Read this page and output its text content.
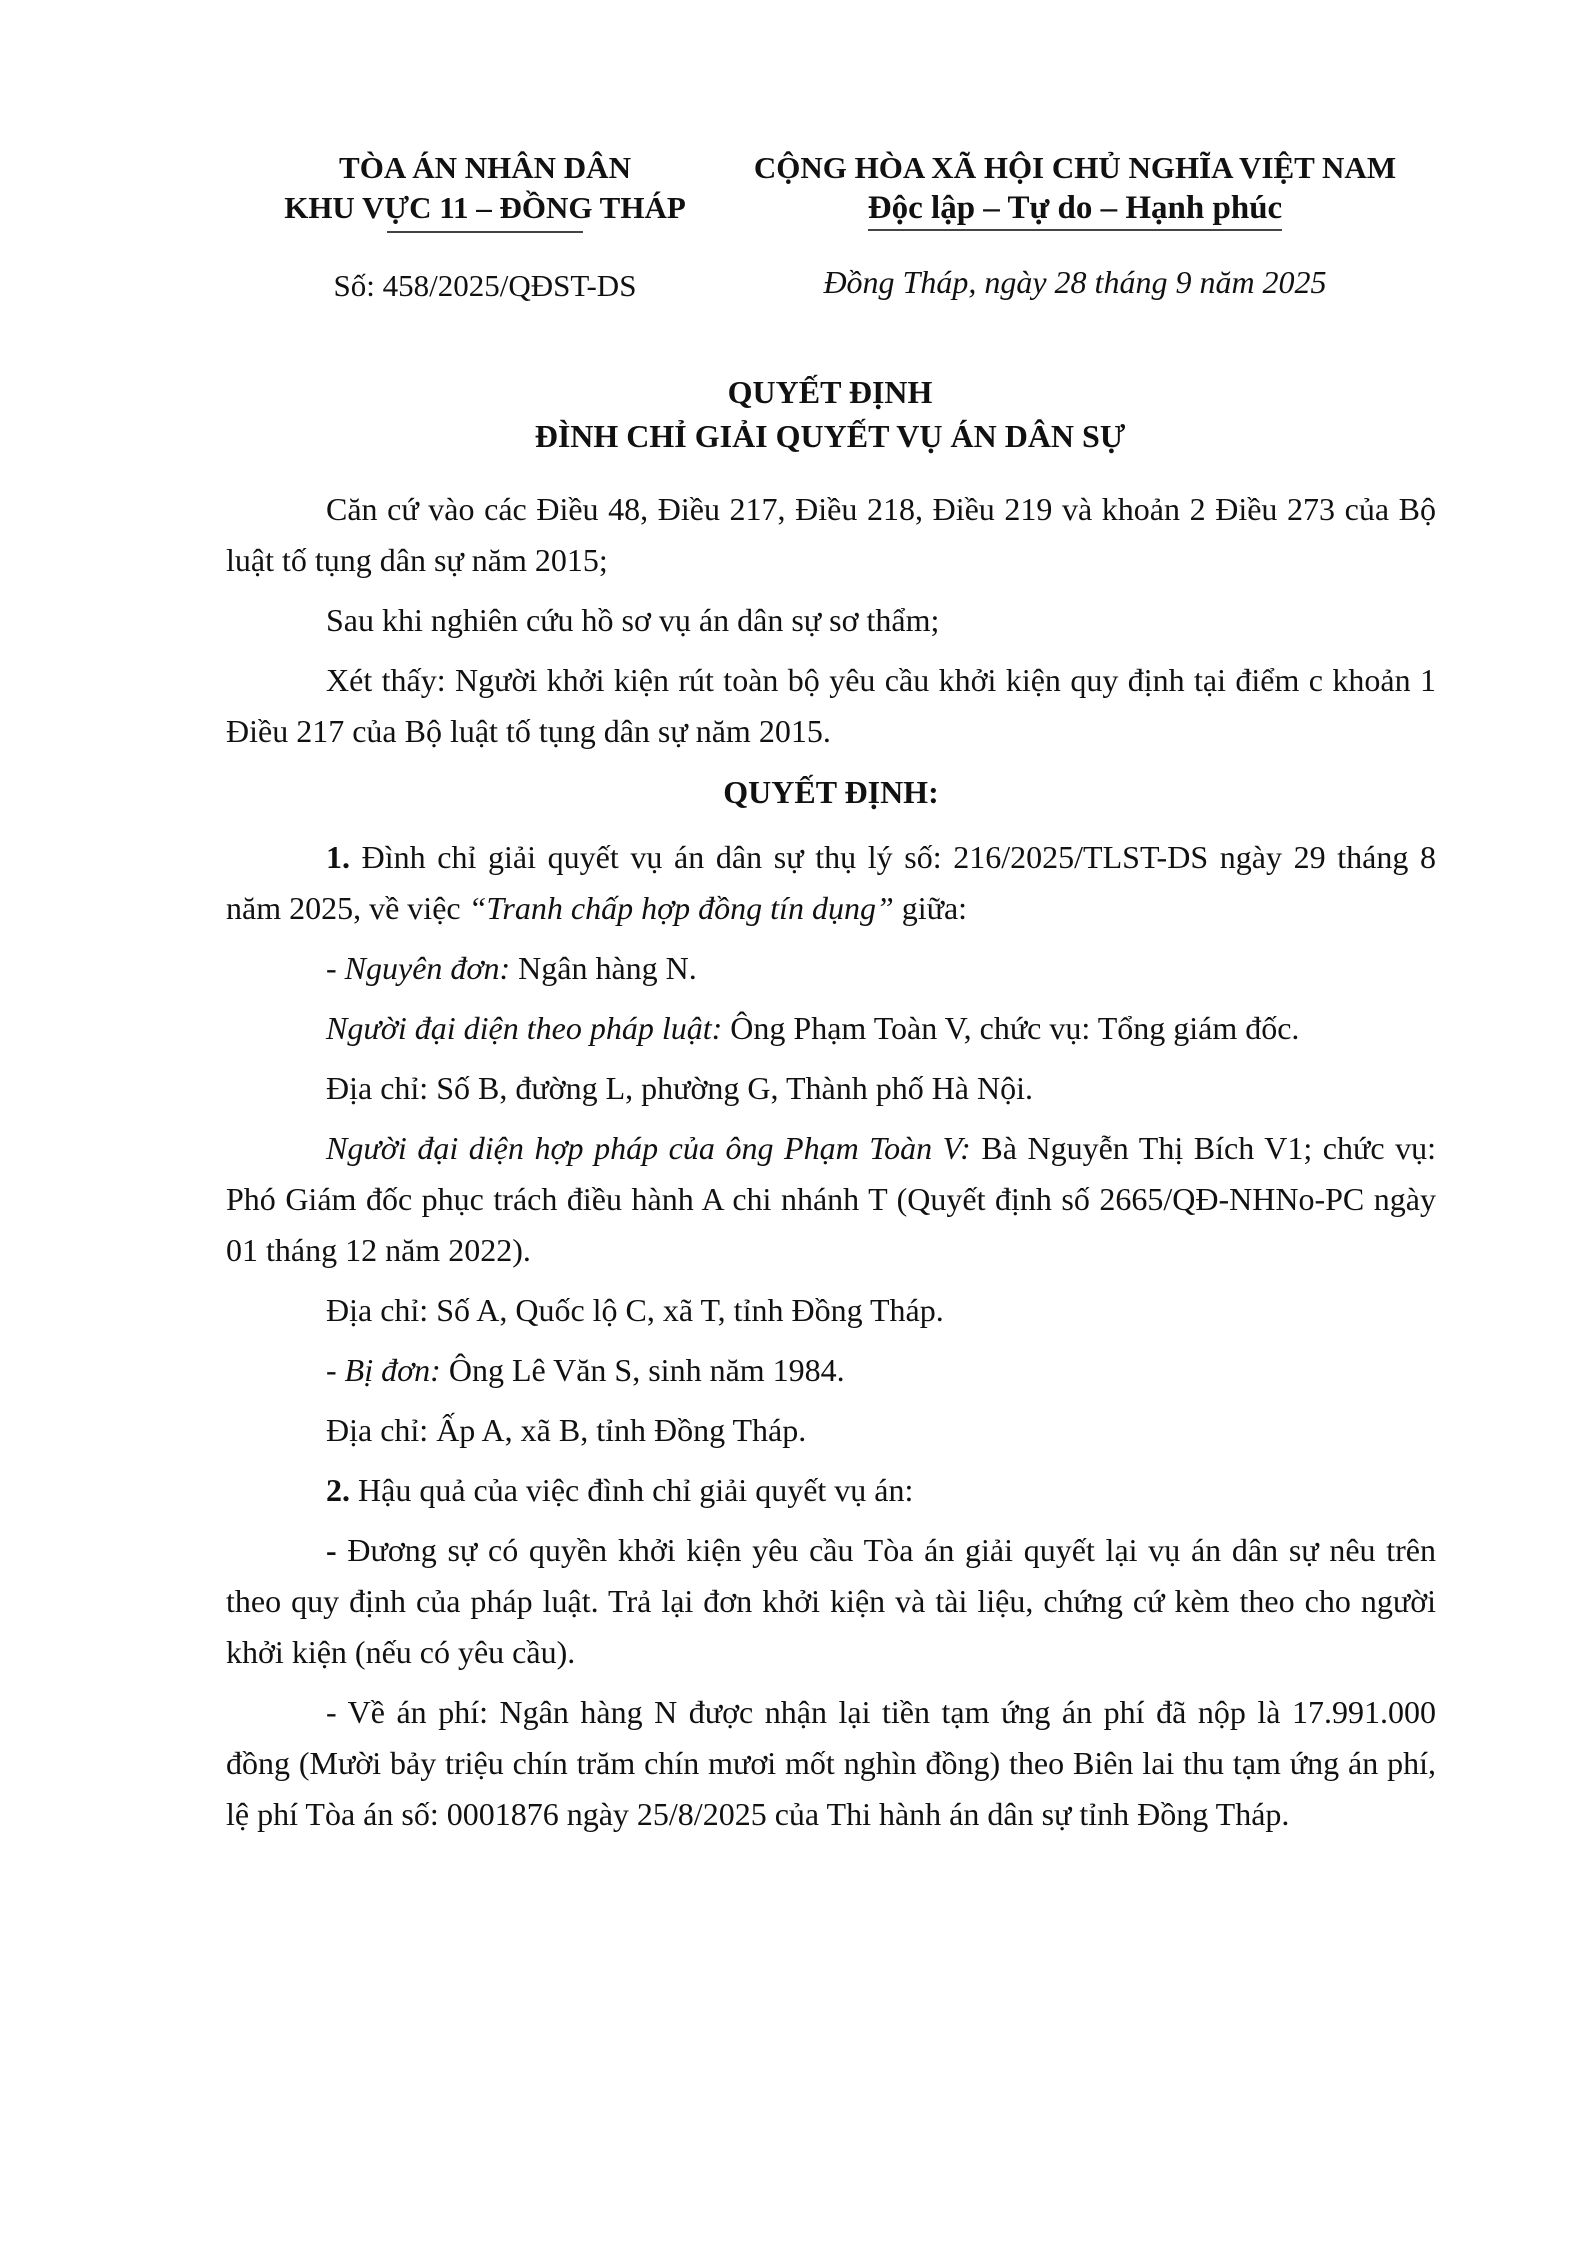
TÒA ÁN NHÂN DÂN
KHU VỰC 11 – ĐỒNG THÁP
CỘNG HÒA XÃ HỘI CHỦ NGHĨA VIỆT NAM
Độc lập – Tự do – Hạnh phúc
Số: 458/2025/QĐST-DS	Đồng Tháp, ngày 28 tháng 9 năm 2025
QUYẾT ĐỊNH
ĐÌNH CHỈ GIẢI QUYẾT VỤ ÁN DÂN SỰ

Căn cứ vào các Điều 48, Điều 217, Điều 218, Điều 219 và khoản 2 Điều 273 của Bộ luật tố tụng dân sự năm 2015;

Sau khi nghiên cứu hồ sơ vụ án dân sự sơ thẩm;

Xét thấy: Người khởi kiện rút toàn bộ yêu cầu khởi kiện quy định tại điểm c khoản 1 Điều 217 của Bộ luật tố tụng dân sự năm 2015.

QUYẾT ĐỊNH:

1. Đình chỉ giải quyết vụ án dân sự thụ lý số: 216/2025/TLST-DS ngày 29 tháng 8 năm 2025, về việc “Tranh chấp hợp đồng tín dụng” giữa:

- Nguyên đơn: Ngân hàng N.

Người đại diện theo pháp luật: Ông Phạm Toàn V, chức vụ: Tổng giám đốc.

Địa chỉ: Số B, đường L, phường G, Thành phố Hà Nội.

Người đại diện hợp pháp của ông Phạm Toàn V: Bà Nguyễn Thị Bích V1; chức vụ: Phó Giám đốc phục trách điều hành A chi nhánh T (Quyết định số 2665/QĐ-NHNo-PC ngày 01 tháng 12 năm 2022).

Địa chỉ: Số A, Quốc lộ C, xã T, tỉnh Đồng Tháp.

- Bị đơn: Ông Lê Văn S, sinh năm 1984.

Địa chỉ: Ấp A, xã B, tỉnh Đồng Tháp.

2. Hậu quả của việc đình chỉ giải quyết vụ án:

- Đương sự có quyền khởi kiện yêu cầu Tòa án giải quyết lại vụ án dân sự nêu trên theo quy định của pháp luật. Trả lại đơn khởi kiện và tài liệu, chứng cứ kèm theo cho người khởi kiện (nếu có yêu cầu).

- Về án phí: Ngân hàng N được nhận lại tiền tạm ứng án phí đã nộp là 17.991.000 đồng (Mười bảy triệu chín trăm chín mươi mốt nghìn đồng) theo Biên lai thu tạm ứng án phí, lệ phí Tòa án số: 0001876 ngày 25/8/2025 của Thi hành án dân sự tỉnh Đồng Tháp.
